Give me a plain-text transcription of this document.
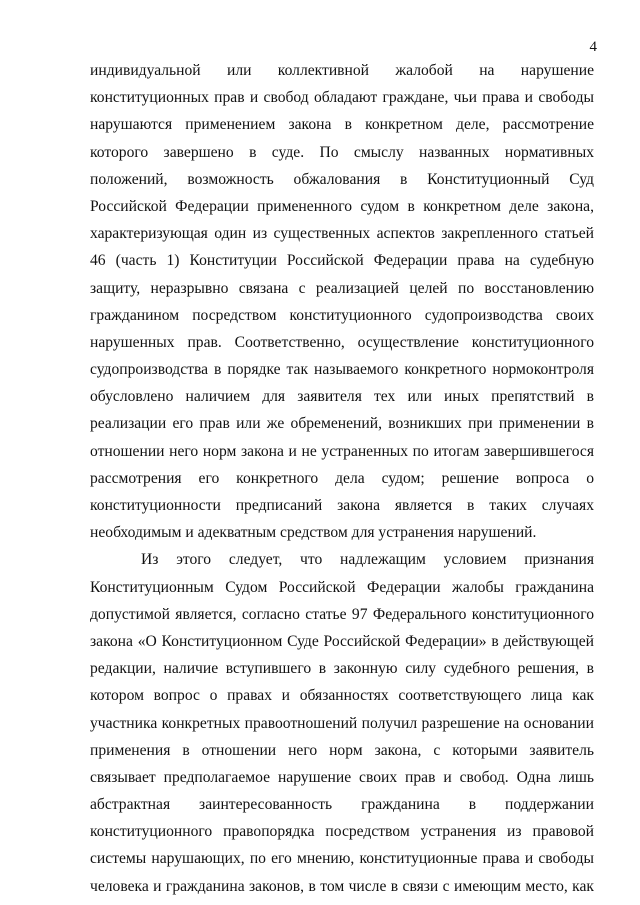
4
индивидуальной или коллективной жалобой на нарушение
конституционных прав и свобод обладают граждане, чьи права и свободы
нарушаются применением закона в конкретном деле, рассмотрение
которого завершено в суде. По смыслу названных нормативных
положений, возможность обжалования в Конституционный Суд
Российской Федерации примененного судом в конкретном деле закона,
характеризующая один из существенных аспектов закрепленного статьей
46 (часть 1) Конституции Российской Федерации права на судебную
защиту, неразрывно связана с реализацией целей по восстановлению
гражданином посредством конституционного судопроизводства своих
нарушенных прав. Соответственно, осуществление конституционного
судопроизводства в порядке так называемого конкретного нормоконтроля
обусловлено наличием для заявителя тех или иных препятствий в
реализации его прав или же обременений, возникших при применении в
отношении него норм закона и не устраненных по итогам завершившегося
рассмотрения его конкретного дела судом; решение вопроса о
конституционности предписаний закона является в таких случаях
необходимым и адекватным средством для устранения нарушений.
Из этого следует, что надлежащим условием признания
Конституционным Судом Российской Федерации жалобы гражданина
допустимой является, согласно статье 97 Федерального конституционного
закона «О Конституционном Суде Российской Федерации» в действующей
редакции, наличие вступившего в законную силу судебного решения, в
котором вопрос о правах и обязанностях соответствующего лица как
участника конкретных правоотношений получил разрешение на основании
применения в отношении него норм закона, с которыми заявитель
связывает предполагаемое нарушение своих прав и свобод. Одна лишь
абстрактная заинтересованность гражданина в поддержании
конституционного правопорядка посредством устранения из правовой
системы нарушающих, по его мнению, конституционные права и свободы
человека и гражданина законов, в том числе в связи с имеющим место, как
